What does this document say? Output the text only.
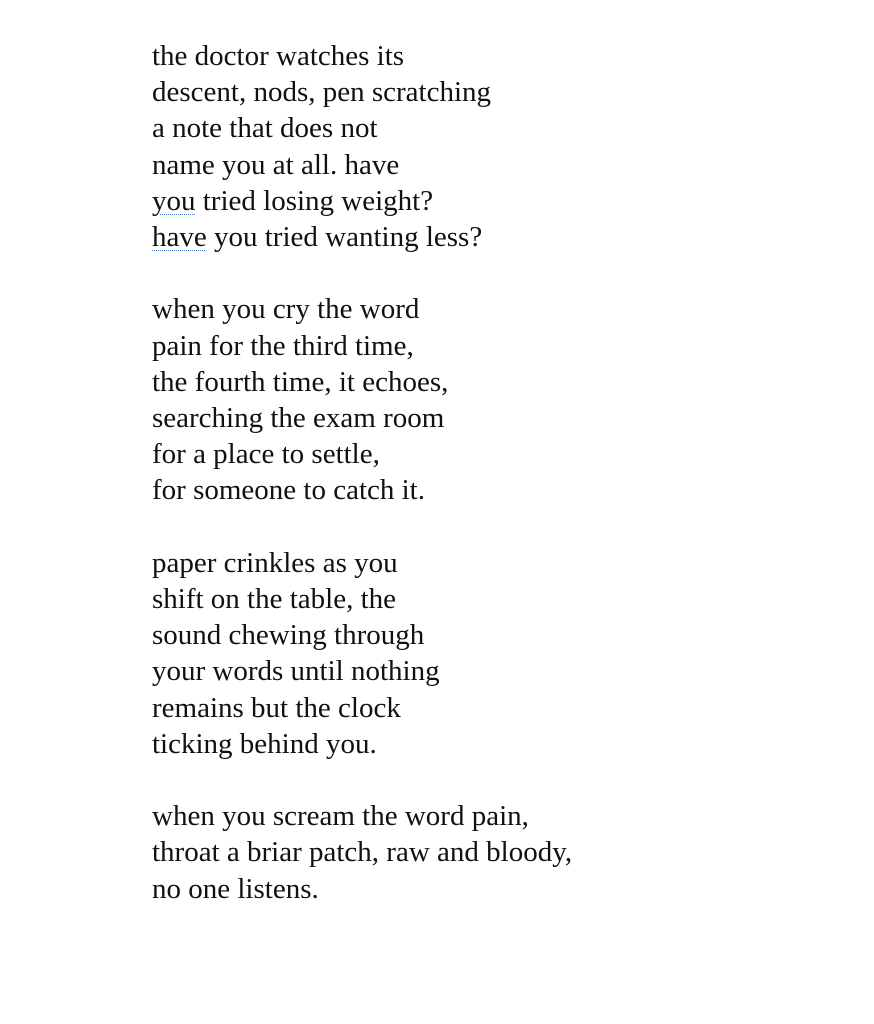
the doctor watches its
descent, nods, pen scratching
a note that does not
name you at all. have
you tried losing weight?
have you tried wanting less?
when you cry the word
pain for the third time,
the fourth time, it echoes,
searching the exam room
for a place to settle,
for someone to catch it.
paper crinkles as you
shift on the table, the
sound chewing through
your words until nothing
remains but the clock
ticking behind you.
when you scream the word pain,
throat a briar patch, raw and bloody,
no one listens.
